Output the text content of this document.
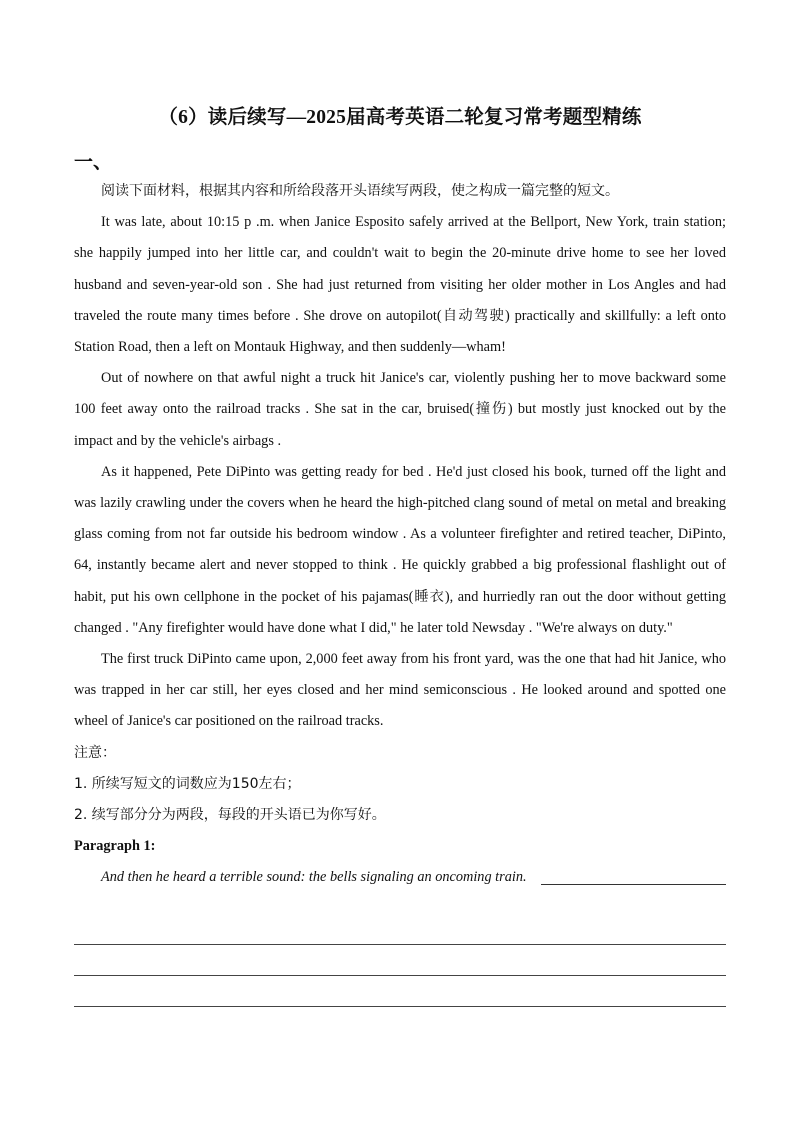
（6）读后续写—2025届高考英语二轮复习常考题型精练
一、

阅读下面材料，根据其内容和所给段落开头语续写两段，使之构成一篇完整的短文。

It was late, about 10:15 p .m. when Janice Esposito safely arrived at the Bellport, New York, train station; she happily jumped into her little car, and couldn't wait to begin the 20-minute drive home to see her loved husband and seven-year-old son . She had just returned from visiting her older mother in Los Angles and had traveled the route many times before . She drove on autopilot(自动驾驶) practically and skillfully: a left onto Station Road, then a left on Montauk Highway, and then suddenly—wham!

Out of nowhere on that awful night a truck hit Janice's car, violently pushing her to move backward some 100 feet away onto the railroad tracks . She sat in the car, bruised(撞伤) but mostly just knocked out by the impact and by the vehicle's airbags .

As it happened, Pete DiPinto was getting ready for bed . He'd just closed his book, turned off the light and was lazily crawling under the covers when he heard the high-pitched clang sound of metal on metal and breaking glass coming from not far outside his bedroom window . As a volunteer firefighter and retired teacher, DiPinto, 64, instantly became alert and never stopped to think . He quickly grabbed a big professional flashlight out of habit, put his own cellphone in the pocket of his pajamas(睡衣), and hurriedly ran out the door without getting changed . "Any firefighter would have done what I did," he later told Newsday . "We're always on duty."

The first truck DiPinto came upon, 2,000 feet away from his front yard, was the one that had hit Janice, who was trapped in her car still, her eyes closed and her mind semiconscious . He looked around and spotted one wheel of Janice's car positioned on the railroad tracks.

注意：

1. 所续写短文的词数应为150左右；

2. 续写部分分为两段，每段的开头语已为你写好。

Paragraph 1:

And then he heard a terrible sound: the bells signaling an oncoming train.
